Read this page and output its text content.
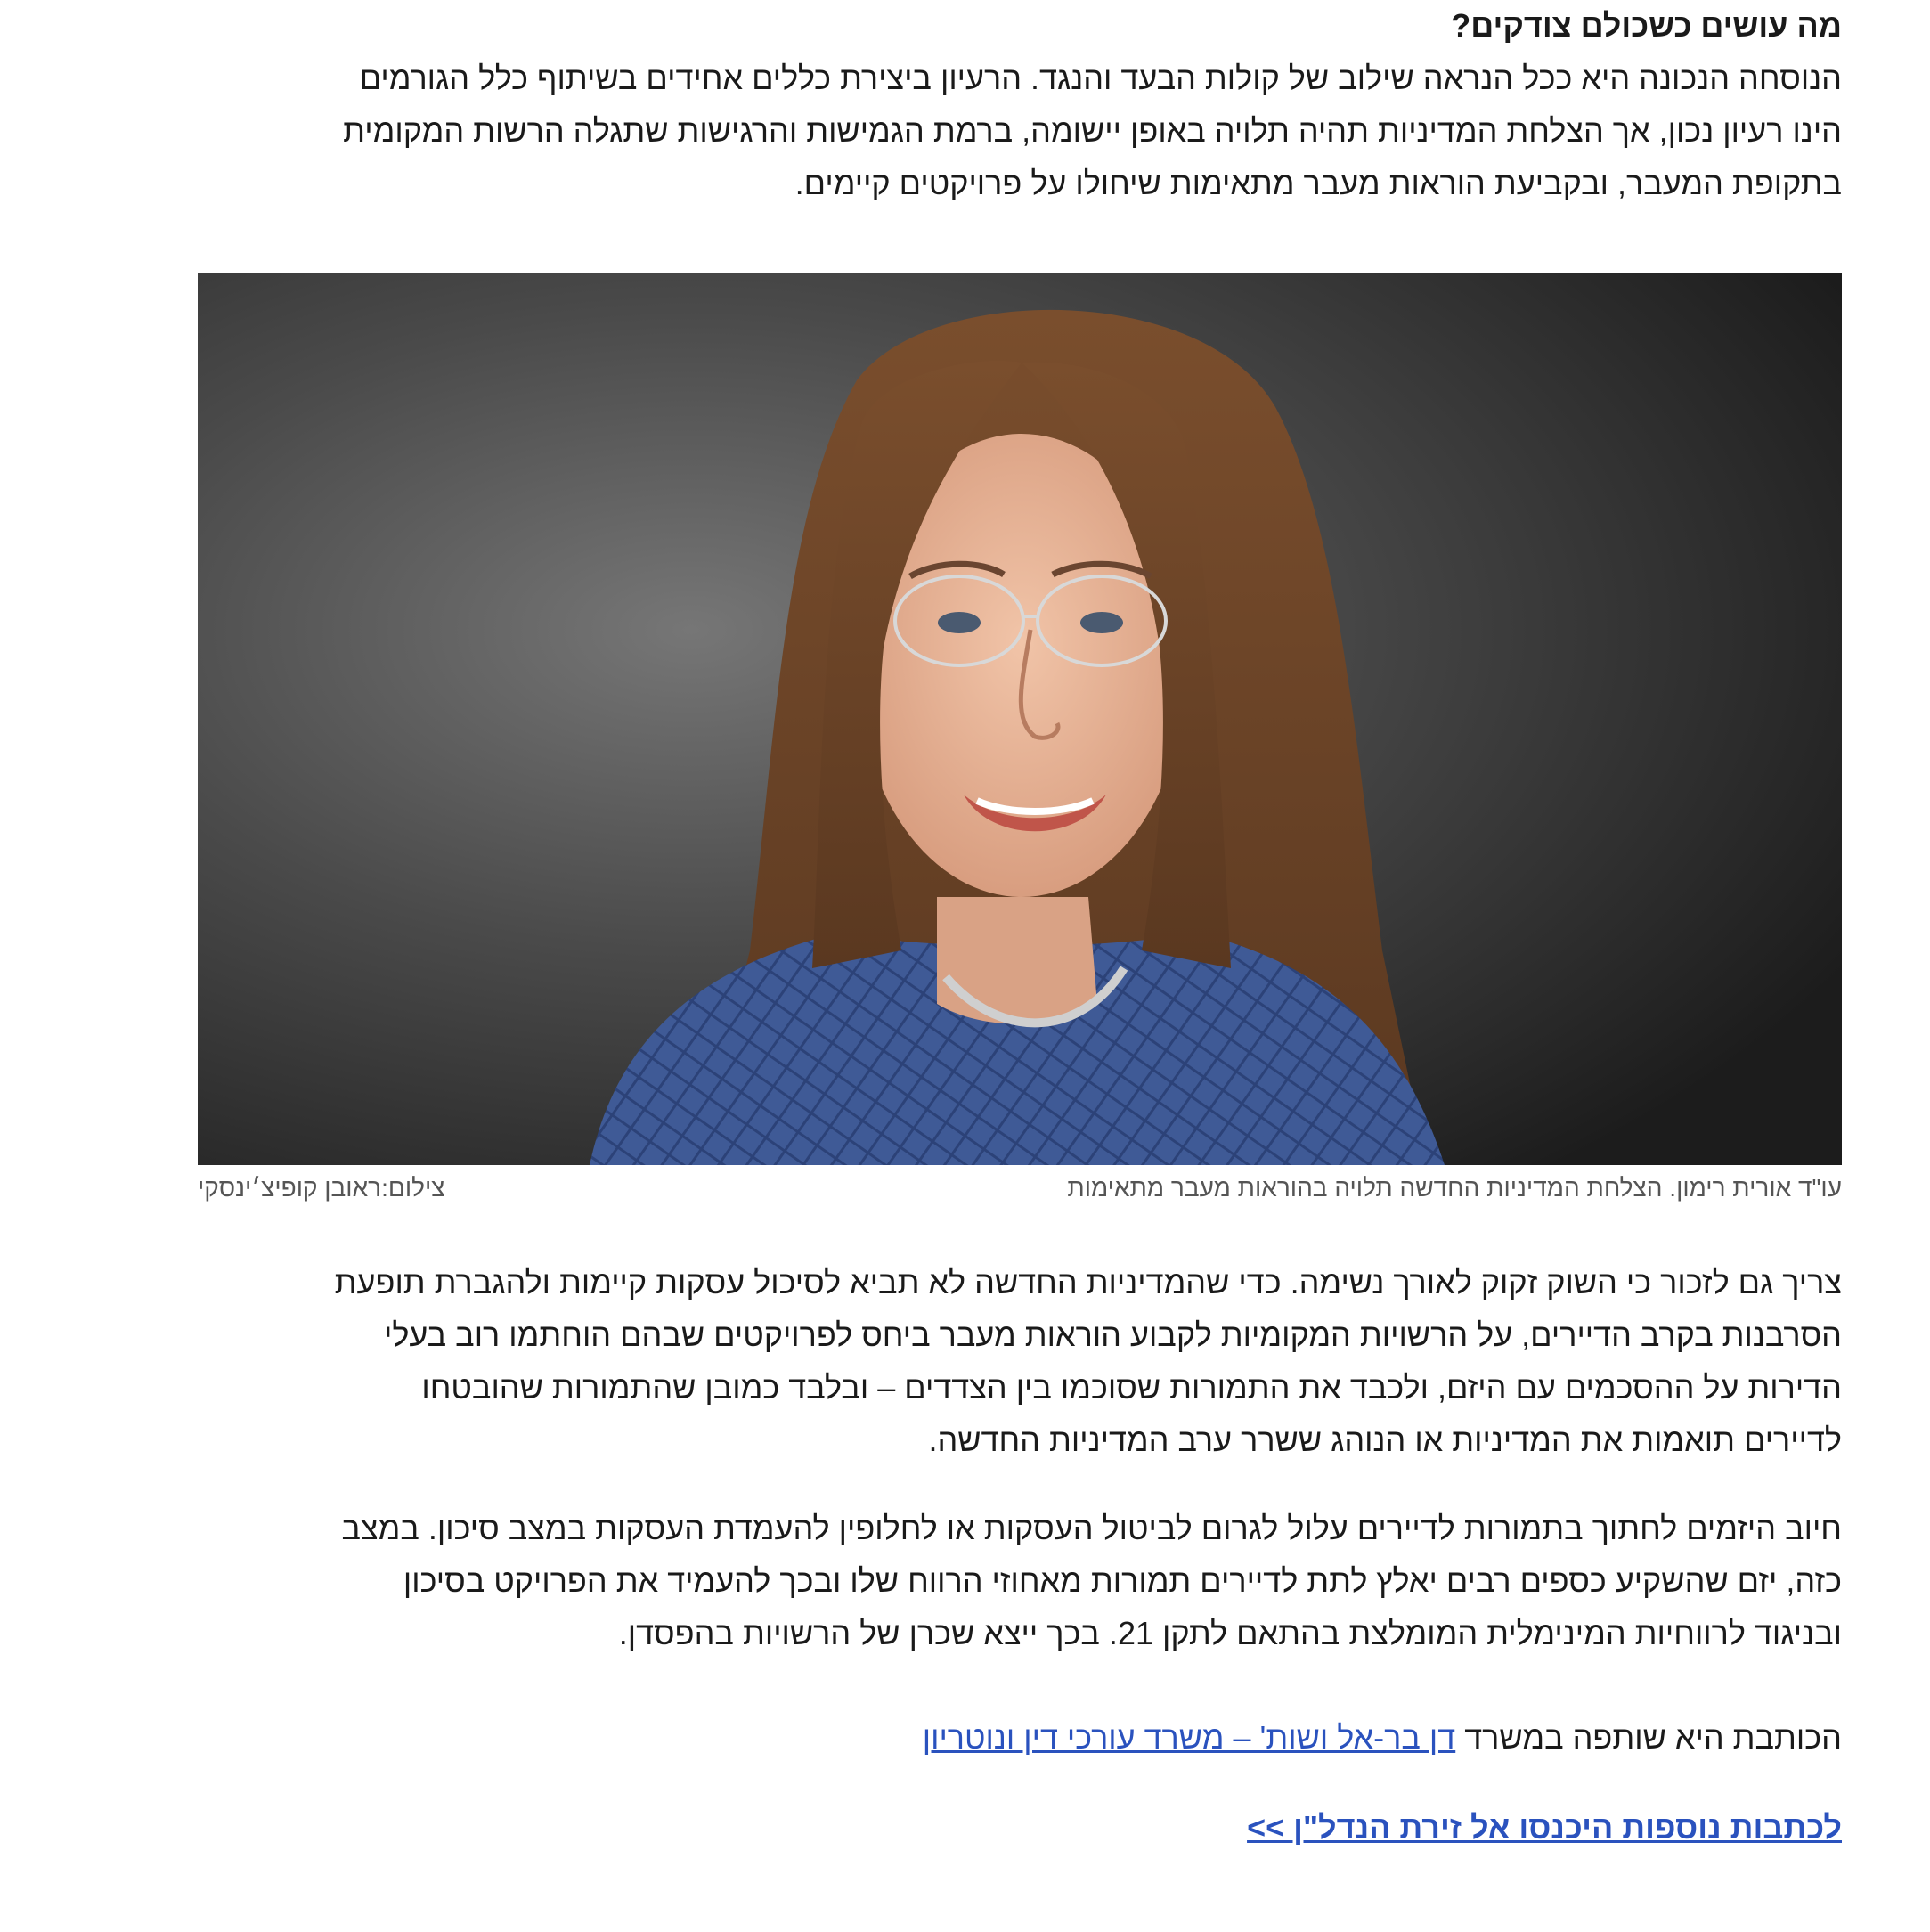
מה עושים כשכולם צודקים?

הנוסחה הנכונה היא ככל הנראה שילוב של קולות הבעד והנגד. הרעיון ביצירת כללים אחידים בשיתוף כלל הגורמים
הינו רעיון נכון, אך הצלחת המדיניות תהיה תלויה באופן יישומה, ברמת הגמישות והרגישות שתגלה הרשות המקומית
בתקופת המעבר, ובקביעת הוראות מעבר מתאימות שיחולו על פרויקטים קיימים.

עו"ד אורית רימון. הצלחת המדיניות החדשה תלויה בהוראות מעבר מתאימות
צילום:ראובן קופיצ׳ינסקי

צריך גם לזכור כי השוק זקוק לאורך נשימה. כדי שהמדיניות החדשה לא תביא לסיכול עסקות קיימות ולהגברת תופעת
הסרבנות בקרב הדיירים, על הרשויות המקומיות לקבוע הוראות מעבר ביחס לפרויקטים שבהם הוחתמו רוב בעלי
הדירות על ההסכמים עם היזם, ולכבד את התמורות שסוכמו בין הצדדים – ובלבד כמובן שהתמורות שהובטחו
לדיירים תואמות את המדיניות או הנוהג ששרר ערב המדיניות החדשה.

חיוב היזמים לחתוך בתמורות לדיירים עלול לגרום לביטול העסקות או לחלופין להעמדת העסקות במצב סיכון. במצב
כזה, יזם שהשקיע כספים רבים יאלץ לתת לדיירים תמורות מאחוזי הרווח שלו ובכך להעמיד את הפרויקט בסיכון
ובניגוד לרווחיות המינימלית המומלצת בהתאם לתקן 21. בכך ייצא שכרן של הרשויות בהפסדן.

הכותבת היא שותפה במשרד דן בר-אל ושות' – משרד עורכי דין ונוטריון

לכתבות נוספות היכנסו אל זירת הנדל"ן >>
